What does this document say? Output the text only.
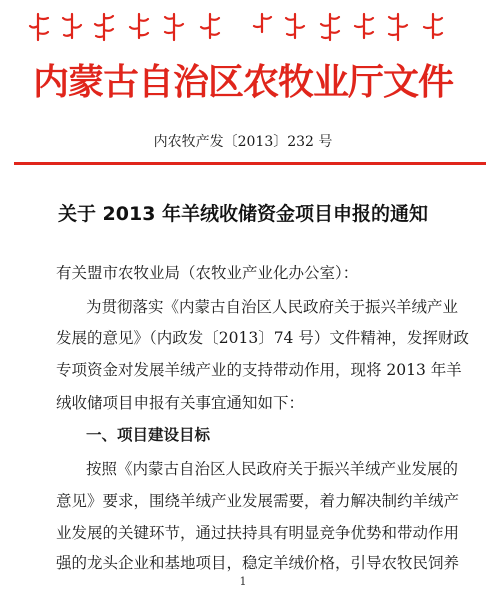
内蒙古自治区农牧业厅文件
内农牧产发〔2013〕232 号
关于 2013 年羊绒收储资金项目申报的通知
有关盟市农牧业局（农牧业产业化办公室）：
为贯彻落实《内蒙古自治区人民政府关于振兴羊绒产业
发展的意见》（内政发〔2013〕74 号）文件精神，发挥财政
专项资金对发展羊绒产业的支持带动作用，现将 2013 年羊
绒收储项目申报有关事宜通知如下：
一、项目建设目标
按照《内蒙古自治区人民政府关于振兴羊绒产业发展的
意见》要求，围绕羊绒产业发展需要，着力解决制约羊绒产
业发展的关键环节，通过扶持具有明显竞争优势和带动作用
强的龙头企业和基地项目，稳定羊绒价格，引导农牧民饲养
1
